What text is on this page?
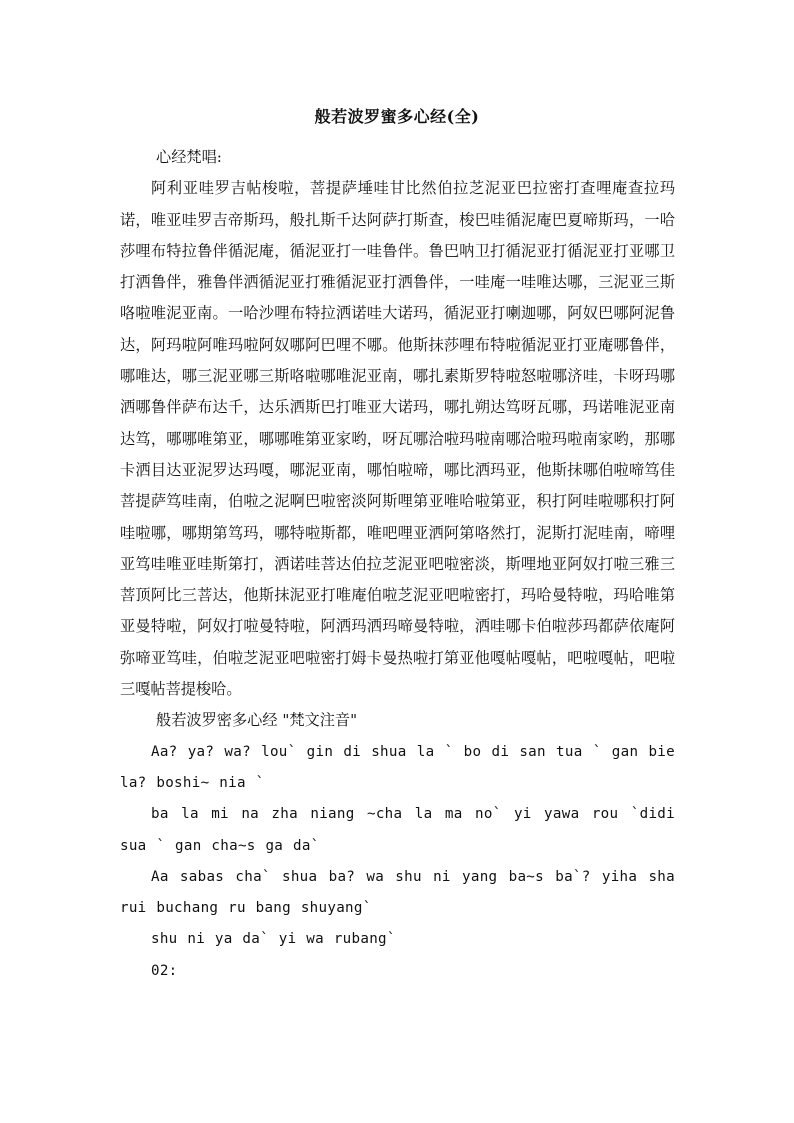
般若波罗蜜多心经(全)

心经梵唱:

阿利亚哇罗吉帖梭啦，菩提萨埵哇甘比然伯拉芝泥亚巴拉密打查哩庵查拉玛诺，唯亚哇罗吉帝斯玛，般扎斯千达阿萨打斯查，梭巴哇循泥庵巴夏啼斯玛，一哈莎哩布特拉鲁伴循泥庵，循泥亚打一哇鲁伴。鲁巴呐卫打循泥亚打循泥亚打亚哪卫打洒鲁伴，雅鲁伴洒循泥亚打雅循泥亚打洒鲁伴，一哇庵一哇唯达哪，三泥亚三斯咯啦唯泥亚南。一哈沙哩布特拉洒诺哇大诺玛，循泥亚打喇迦哪，阿奴巴哪阿泥鲁达，阿玛啦阿唯玛啦阿奴哪阿巴哩不哪。他斯抹莎哩布特啦循泥亚打亚庵哪鲁伴，哪唯达，哪三泥亚哪三斯咯啦哪唯泥亚南，哪扎素斯罗特啦怒啦哪济哇，卡呀玛哪洒哪鲁伴萨布达千，达乐洒斯巴打唯亚大诺玛，哪扎朔达笃呀瓦哪，玛诺唯泥亚南达笃，哪哪唯第亚，哪哪唯第亚家哟，呀瓦哪洽啦玛啦南哪洽啦玛啦南家哟，那哪卡洒目达亚泥罗达玛嘎，哪泥亚南，哪怕啦啼，哪比洒玛亚，他斯抹哪伯啦啼笃佳菩提萨笃哇南，伯啦之泥啊巴啦密淡阿斯哩第亚唯哈啦第亚，积打阿哇啦哪积打阿哇啦哪，哪期第笃玛，哪特啦斯都，唯吧哩亚洒阿第咯然打，泥斯打泥哇南，啼哩亚笃哇唯亚哇斯第打，洒诺哇菩达伯拉芝泥亚吧啦密淡，斯哩地亚阿奴打啦三雅三菩顶阿比三菩达，他斯抹泥亚打唯庵伯啦芝泥亚吧啦密打，玛哈曼特啦，玛哈唯第亚曼特啦，阿奴打啦曼特啦，阿洒玛洒玛啼曼特啦，洒哇哪卡伯啦莎玛都萨依庵阿弥啼亚笃哇，伯啦芝泥亚吧啦密打姆卡曼热啦打第亚他嘎帖嘎帖，吧啦嘎帖，吧啦三嘎帖菩提梭哈。

般若波罗密多心经 "梵文注音"

Aa? ya? wa? lou` gin di shua la ` bo di san tua ` gan bie la? boshi~ nia `

ba la mi na zha niang ~cha la ma no` yi yawa rou `didi sua ` gan cha~s ga da`

Aa sabas cha` shua ba? wa shu ni yang ba~s ba`? yiha sha rui buchang ru bang shuyang`

shu ni ya da` yi wa rubang`

02:
